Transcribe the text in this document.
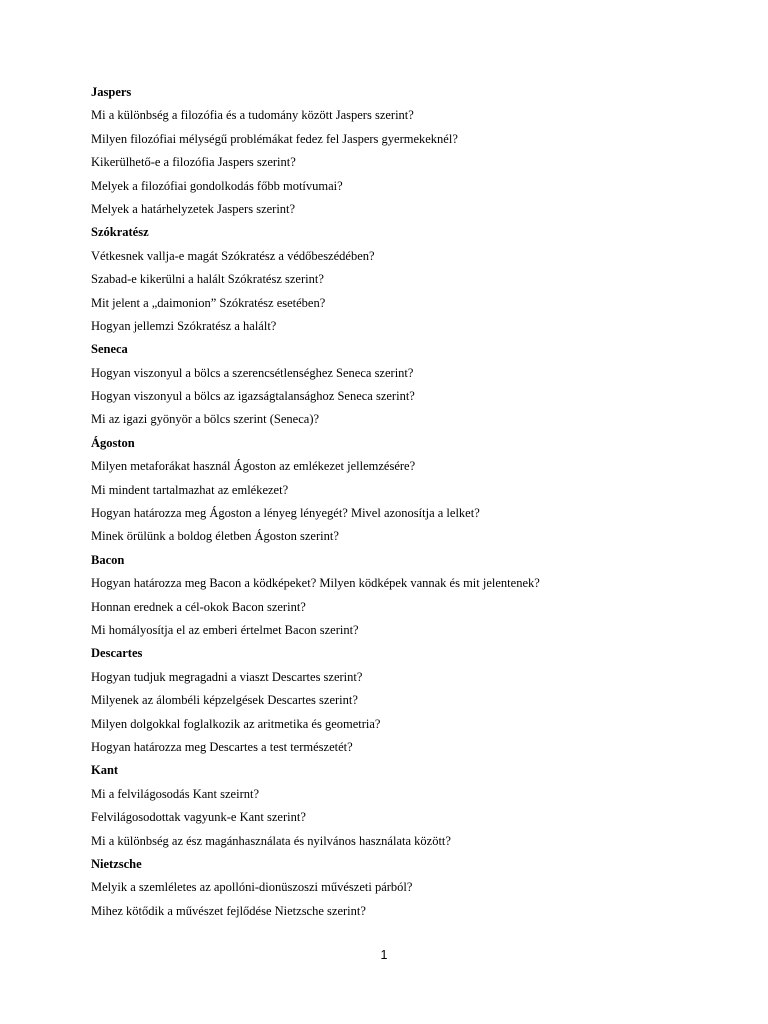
Jaspers
Mi a különbség a filozófia és a tudomány között Jaspers szerint?
Milyen filozófiai mélységű problémákat fedez fel Jaspers gyermekeknél?
Kikerülhető-e a filozófia Jaspers szerint?
Melyek a filozófiai gondolkodás főbb motívumai?
Melyek a határhelyzetek Jaspers szerint?
Szókratész
Vétkesnek vallja-e magát Szókratész a védőbeszédében?
Szabad-e kikerülni a halált Szókratész szerint?
Mit jelent a „daimonion” Szókratész esetében?
Hogyan jellemzi Szókratész a halált?
Seneca
Hogyan viszonyul a bölcs a szerencsétlenséghez Seneca szerint?
Hogyan viszonyul a bölcs az igazságtalansághoz Seneca szerint?
Mi az igazi gyönyör a bölcs szerint (Seneca)?
Ágoston
Milyen metaforákat használ Ágoston az emlékezet jellemzésére?
Mi mindent tartalmazhat az emlékezet?
Hogyan határozza meg Ágoston a lényeg lényegét? Mivel azonosítja a lelket?
Minek örülünk a boldog életben Ágoston szerint?
Bacon
Hogyan határozza meg Bacon a ködképeket? Milyen ködképek vannak és mit jelentenek?
Honnan erednek a cél-okok Bacon szerint?
Mi homályosítja el az emberi értelmet Bacon szerint?
Descartes
Hogyan tudjuk megragadni a viaszt Descartes szerint?
Milyenek az álombéli képzelgések Descartes szerint?
Milyen dolgokkal foglalkozik az aritmetika és geometria?
Hogyan határozza meg Descartes a test természetét?
Kant
Mi a felvilágosodás Kant szeirnt?
Felvilágosodottak vagyunk-e Kant szerint?
Mi a különbség az ész magánhasználata és nyilvános használata között?
Nietzsche
Melyik a szemléletes az apollóni-dionüszoszi művészeti párból?
Mihez kötődik a művészet fejlődése Nietzsche szerint?
1
